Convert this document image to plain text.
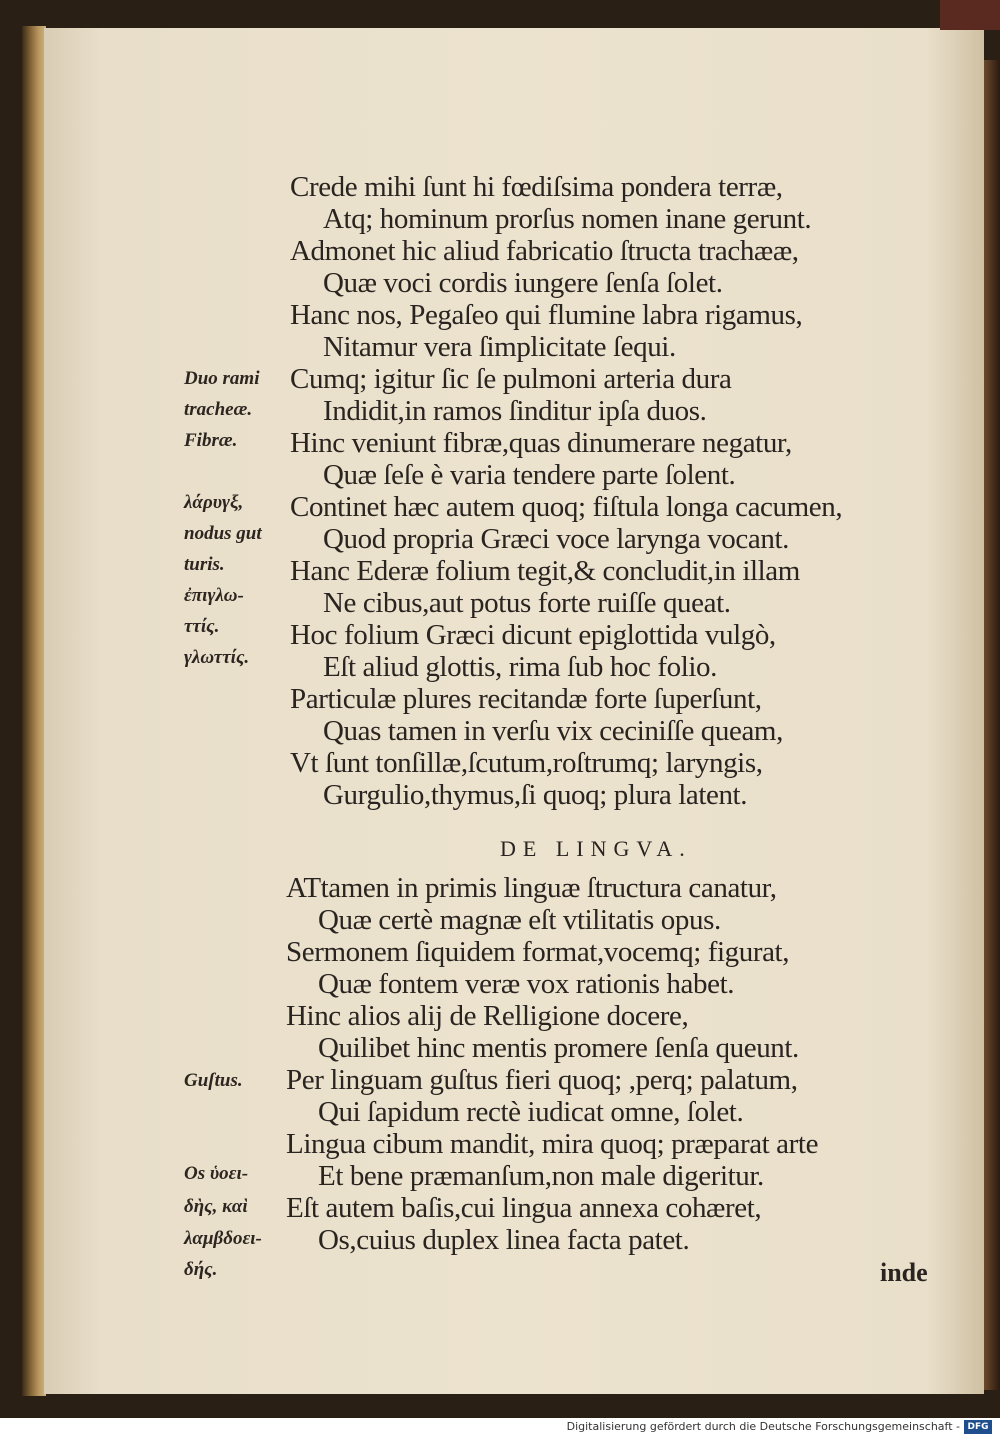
Crede mihi ſunt hi fœdiſsima pondera terræ,
Atq; hominum prorſus nomen inane gerunt.
Admonet hic aliud fabricatio ſtructa trachææ,
Quæ voci cordis iungere ſenſa ſolet.
Hanc nos, Pegaſeo qui flumine labra rigamus,
Nitamur vera ſimplicitate ſequi.
Cumq; igitur ſic ſe pulmoni arteria dura
Indidit,in ramos ſinditur ipſa duos.
Hinc veniunt fibræ,quas dinumerare negatur,
Quæ ſeſe è varia tendere parte ſolent.
Continet hæc autem quoq; fiſtula longa cacumen,
Quod propria Græci voce larynga vocant.
Hanc Ederæ folium tegit,& concludit,in illam
Ne cibus,aut potus forte ruiſſe queat.
Hoc folium Græci dicunt epiglottida vulgò,
Eſt aliud glottis, rima ſub hoc folio.
Particulæ plures recitandæ forte ſuperſunt,
Quas tamen in verſu vix ceciniſſe queam,
Vt ſunt tonſillæ,ſcutum,roſtrumq; laryngis,
Gurgulio,thymus,ſi quoq; plura latent.
Duo rami
tracheæ.
Fibræ.
λάρυγξ,
nodus gut
turis.
ἐπιγλω-
ττίς.
γλωττίς.
DE LINGVA.
ATtamen in primis linguæ ſtructura canatur,
Quæ certè magnæ eſt vtilitatis opus.
Sermonem ſiquidem format,vocemq; figurat,
Quæ fontem veræ vox rationis habet.
Hinc alios alij de Relligione docere,
Quilibet hinc mentis promere ſenſa queunt.
Per linguam guſtus fieri quoq; ,perq; palatum,
Qui ſapidum rectè iudicat omne, ſolet.
Lingua cibum mandit, mira quoq; præparat arte
Et bene præmanſum,non male digeritur.
Eſt autem baſis,cui lingua annexa cohæret,
Os,cuius duplex linea facta patet.
Guſtus.
Os ὑοει-
δὴς, καὶ
λαμβδοει-
δής.	inde
Digitalisierung gefördert durch die Deutsche Forschungsgemeinschaft - DFG
